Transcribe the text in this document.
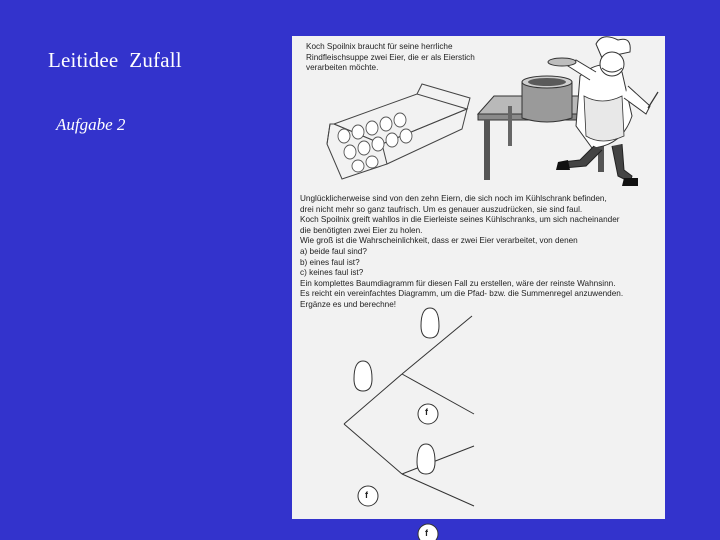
Leitidee  Zufall
Aufgabe 2
Koch Spoilnix braucht für seine herrliche
Rindfleischsuppe zwei Eier, die er als Eierstich
verarbeiten möchte.
Unglücklicherweise sind von den zehn Eiern, die sich noch im Kühlschrank befinden,
drei nicht mehr so ganz taufrisch. Um es genauer auszudrücken, sie sind faul.
Koch Spoilnix greift wahllos in die Eierleiste seines Kühlschranks, um sich nacheinander
die benötigten zwei Eier zu holen.
Wie groß ist die Wahrscheinlichkeit, dass er zwei Eier verarbeitet, von denen
a) beide faul sind?
b) eines faul ist?
c) keines faul ist?
Ein komplettes Baumdiagramm für diesen Fall zu erstellen, wäre der reinste Wahnsinn.
Es reicht ein vereinfachtes Diagramm, um die Pfad- bzw. die Summenregel anzuwenden.
Ergänze es und berechne!
f
f
f
